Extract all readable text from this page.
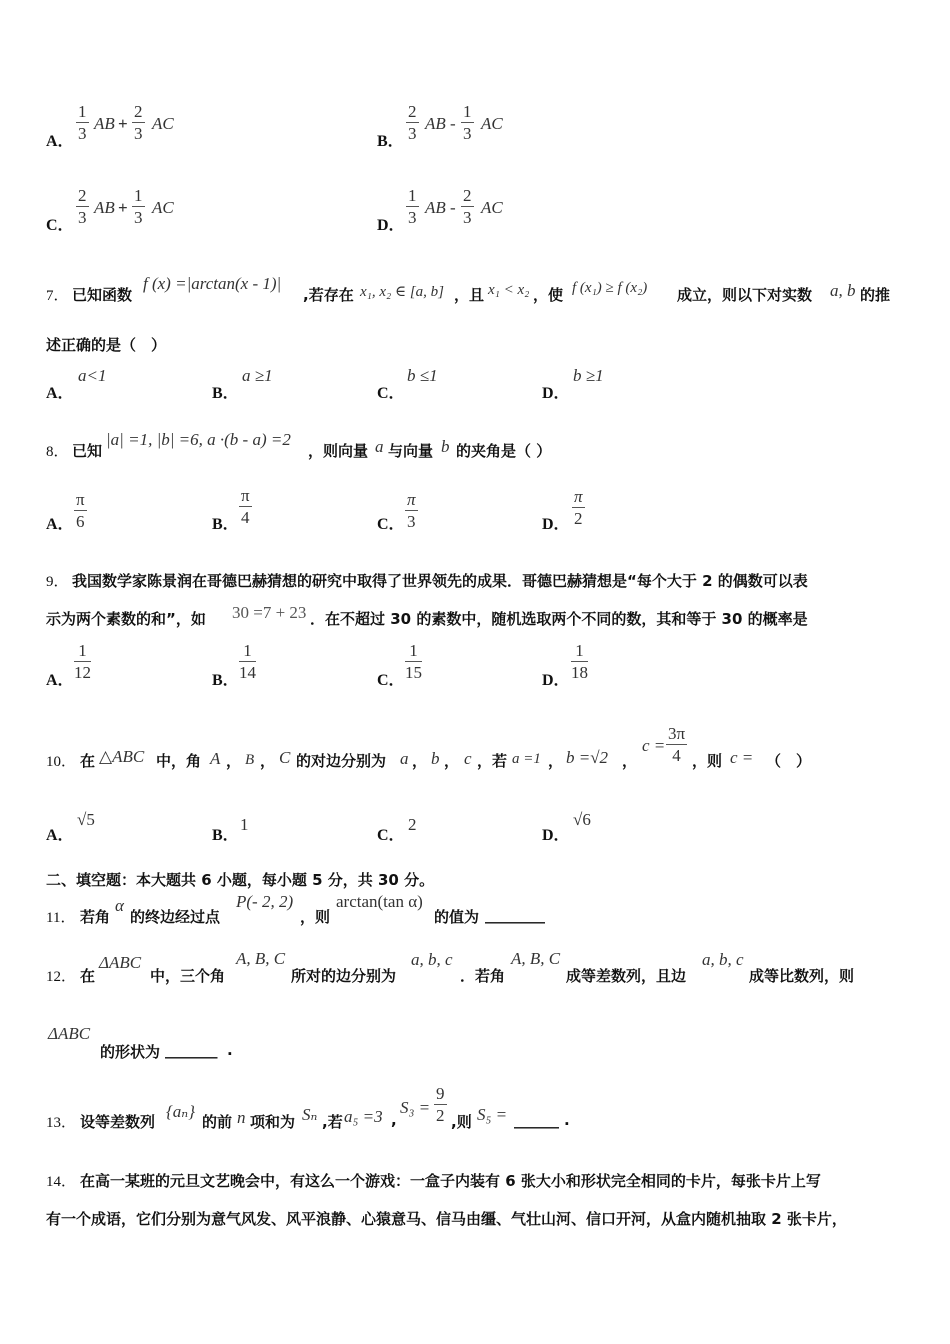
A． $\frac{1}{3}$ AB + $\frac{2}{3}$ AC
B． $\frac{2}{3}$ AB - $\frac{1}{3}$ AC
C． $\frac{2}{3}$ AB + $\frac{1}{3}$ AC
D． $\frac{1}{3}$ AB - $\frac{2}{3}$ AC
7． 已知函数
f (x) =|arctan(x - 1)|
,若存在 x₁, x₂ ∈ [a, b] ，且 x₁ < x₂ ，使 f (x₁) ≥ f (x₂) 成立，则以下对实数 a, b 的推
述正确的是（　）
A．
a<1
B．
a ≥1
C．
b ≤1
D．
b ≥1
8． 已知
|a| =1, |b| =6, a ·(b - a) =2
，则向量 a 与向量 b 的夹角是（ ）
A． $\frac{\pi}{6}$	B． $\frac{\pi}{4}$	C． $\frac{\pi}{3}$	D． $\frac{\pi}{2}$
9． 我国数学家陈景润在哥德巴赫猜想的研究中取得了世界领先的成果．哥德巴赫猜想是“每个大于 2 的偶数可以表
示为两个素数的和”，如 30 =7 + 23 ．在不超过 30 的素数中，随机选取两个不同的数，其和等于 30 的概率是
A． $\frac{1}{12}$	B． $\frac{1}{14}$	C． $\frac{1}{15}$	D． $\frac{1}{18}$
10． 在 △ABC 中，角 A ， B ， C 的对边分别为 a ， b ， c ，若 a =1 ， b =√2 ，
$c = \frac{3\pi}{4}$ ，则 c = （　）
A．
√5
B．
1
C．
2
D．
√6
二、填空题：本大题共 6 小题，每小题 5 分，共 30 分。
11． 若角
α
的终边经过点
P(- 2, 2)
，则
arctan(tan α)
的值为 ________
12． 在
ΔABC
中，三个角
A, B, C
所对的边分别为
a, b, c
．若角
A, B, C
成等差数列，且边
a, b, c
成等比数列，则
ΔABC
的形状为 _______ .
13． 设等差数列
{aₙ}
的前 n 项和为 Sₙ ,若 a₅ =3 ,
$S_3 = \frac{9}{2}$ ,则 S₅ = ______ .
14． 在高一某班的元旦文艺晚会中，有这么一个游戏：一盒子内装有 6 张大小和形状完全相同的卡片，每张卡片上写
有一个成语，它们分别为意气风发、风平浪静、心猿意马、信马由缰、气壮山河、信口开河，从盒内随机抽取 2 张卡片，
